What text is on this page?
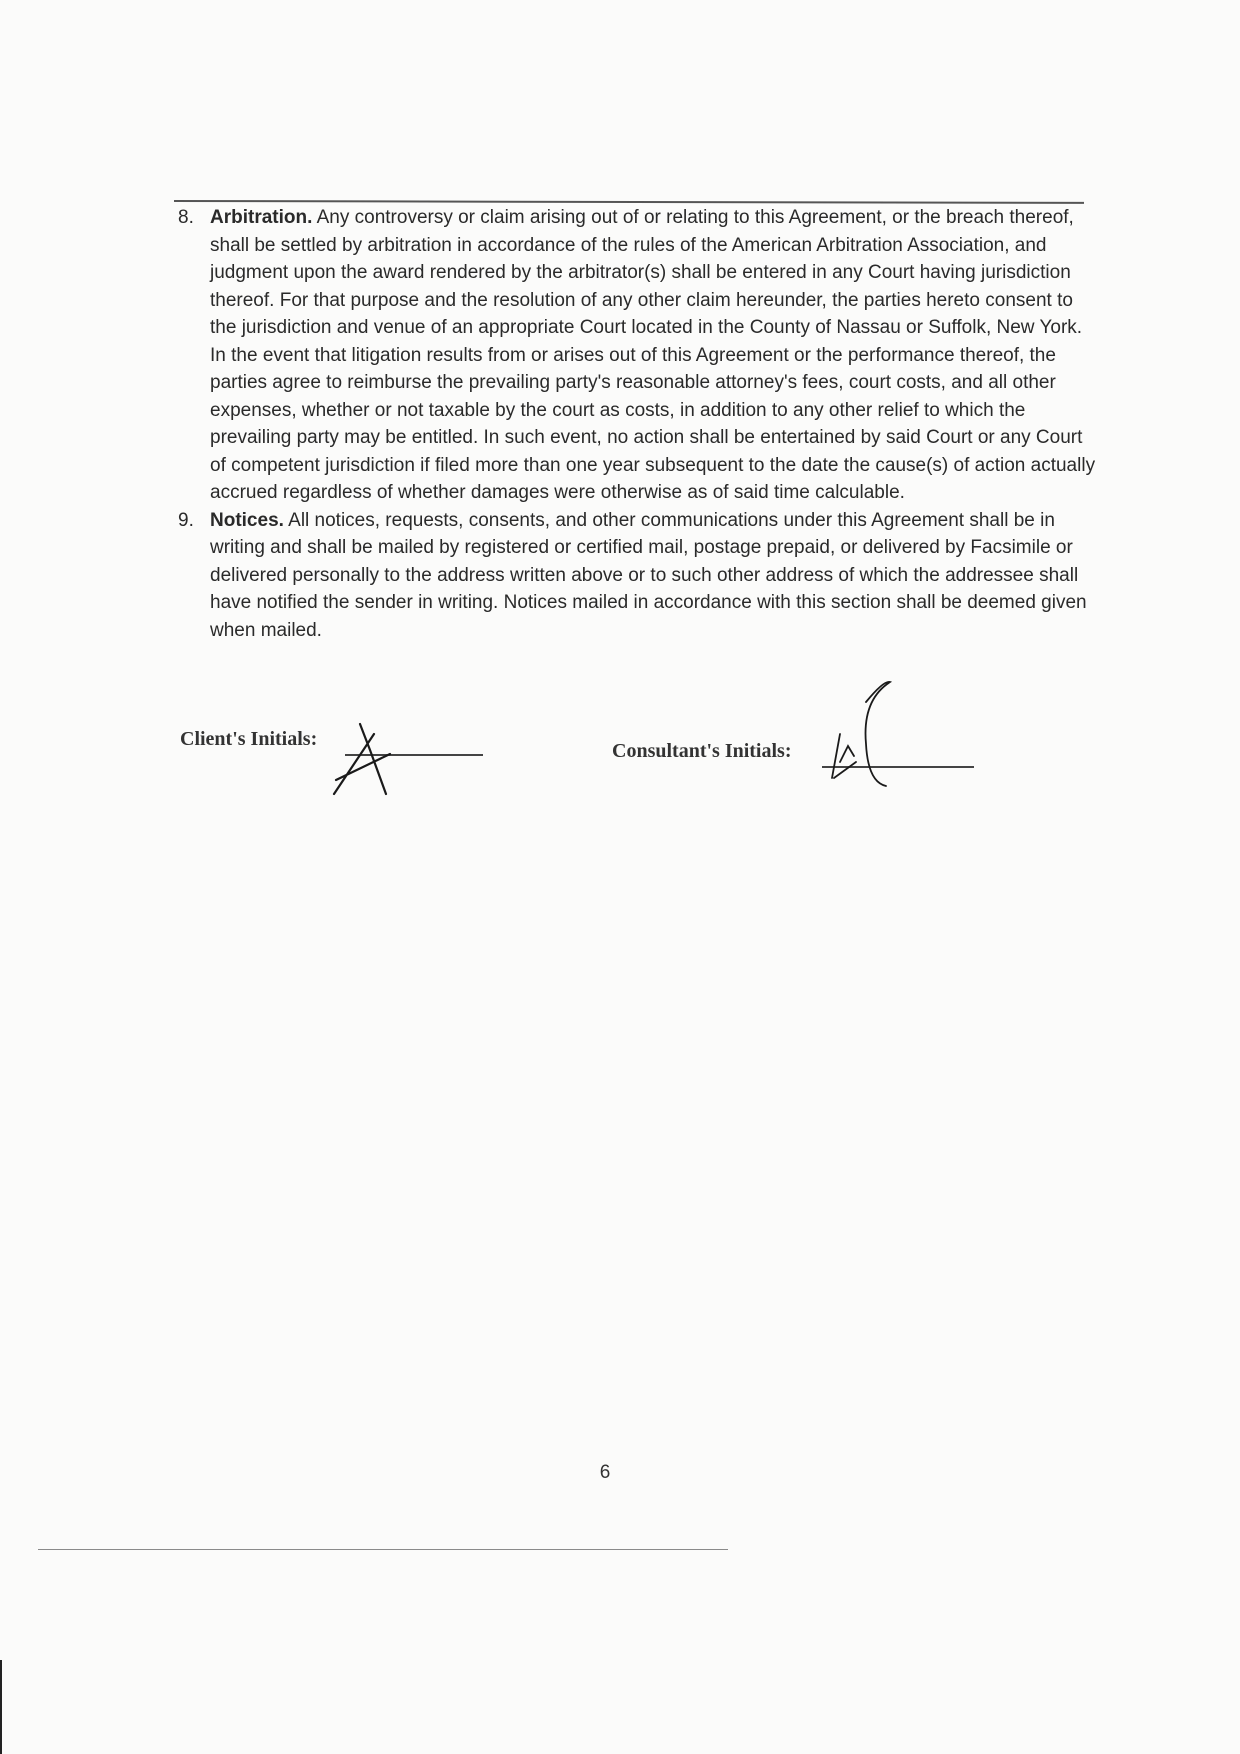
8. Arbitration. Any controversy or claim arising out of or relating to this Agreement, or the breach thereof, shall be settled by arbitration in accordance of the rules of the American Arbitration Association, and judgment upon the award rendered by the arbitrator(s) shall be entered in any Court having jurisdiction thereof. For that purpose and the resolution of any other claim hereunder, the parties hereto consent to the jurisdiction and venue of an appropriate Court located in the County of Nassau or Suffolk, New York. In the event that litigation results from or arises out of this Agreement or the performance thereof, the parties agree to reimburse the prevailing party's reasonable attorney's fees, court costs, and all other expenses, whether or not taxable by the court as costs, in addition to any other relief to which the prevailing party may be entitled. In such event, no action shall be entertained by said Court or any Court of competent jurisdiction if filed more than one year subsequent to the date the cause(s) of action actually accrued regardless of whether damages were otherwise as of said time calculable.
9. Notices. All notices, requests, consents, and other communications under this Agreement shall be in writing and shall be mailed by registered or certified mail, postage prepaid, or delivered by Facsimile or delivered personally to the address written above or to such other address of which the addressee shall have notified the sender in writing. Notices mailed in accordance with this section shall be deemed given when mailed.
Client's Initials:
Consultant's Initials:
6
